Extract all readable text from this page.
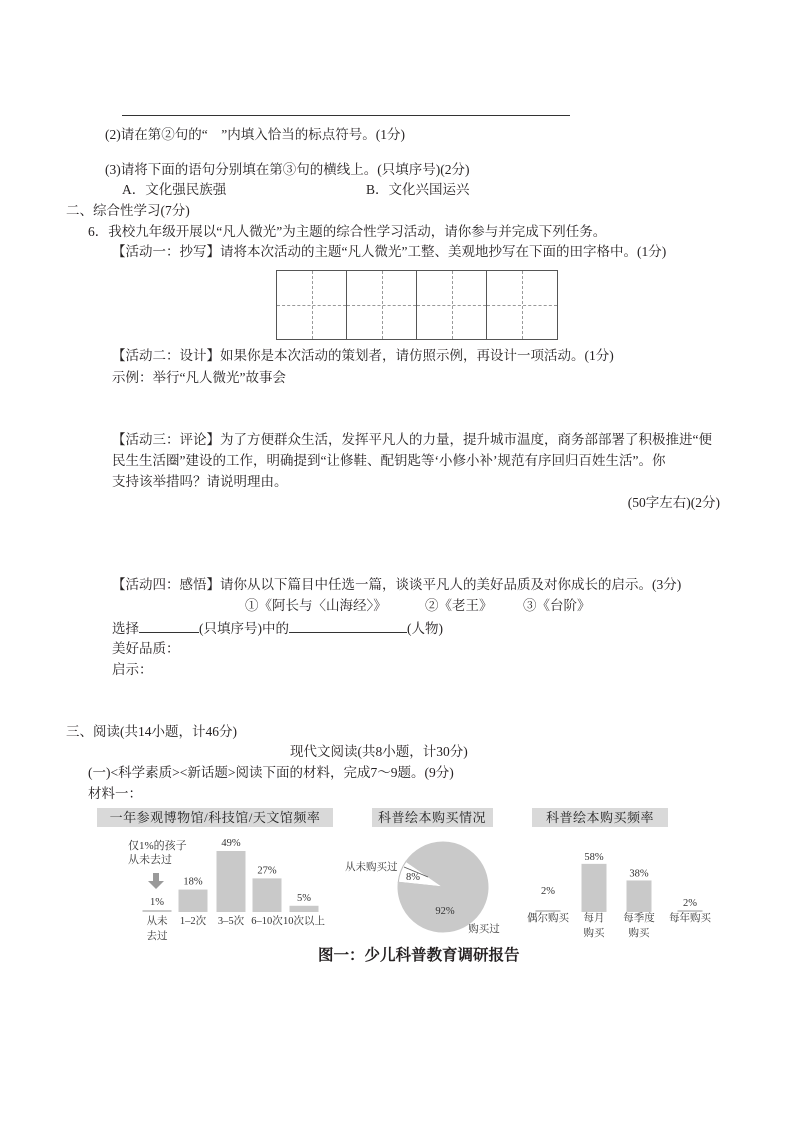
(2)请在第②句的“　”内填入恰当的标点符号。(1分)
(3)请将下面的语句分别填在第③句的横线上。(只填序号)(2分)
A．文化强民族强	B．文化兴国运兴
二、综合性学习(7分)
6．我校九年级开展以“凡人微光”为主题的综合性学习活动，请你参与并完成下列任务。
【活动一：抄写】请将本次活动的主题“凡人微光”工整、美观地抄写在下面的田字格中。(1分)
【活动二：设计】如果你是本次活动的策划者，请仿照示例，再设计一项活动。(1分)
示例：举行“凡人微光”故事会
【活动三：评论】为了方便群众生活，发挥平凡人的力量，提升城市温度，商务部部署了积极推进“便
民生生活圈”建设的工作，明确提到“让修鞋、配钥匙等‘小修小补’规范有序回归百姓生活”。你
支持该举措吗？请说明理由。
(50字左右)(2分)
【活动四：感悟】请你从以下篇目中任选一篇，谈谈平凡人的美好品质及对你成长的启示。(3分)
①《阿长与〈山海经〉》	②《老王》 ③《台阶》
选择	(只填序号)中的	(人物)
美好品质：
启示：
三、阅读(共14小题，计46分)
现代文阅读(共8小题，计30分)
(一)<科学素质><新话题>阅读下面的材料，完成7～9题。(9分)
材料一：
一年参观博物馆/科技馆/天文馆频率
仅1%的孩子
从未去过
科普绘本购买情况	科普绘本购买频率
1%
从未
去过
18%
1–2次
49%
3–5次
27%
6–10次
5%
10次以上
8%
92%
从未购买过
购买过
2%
偶尔购买
58%
每月
购买
38%
每季度
购买
2%
每年购买
图一：少儿科普教育调研报告
